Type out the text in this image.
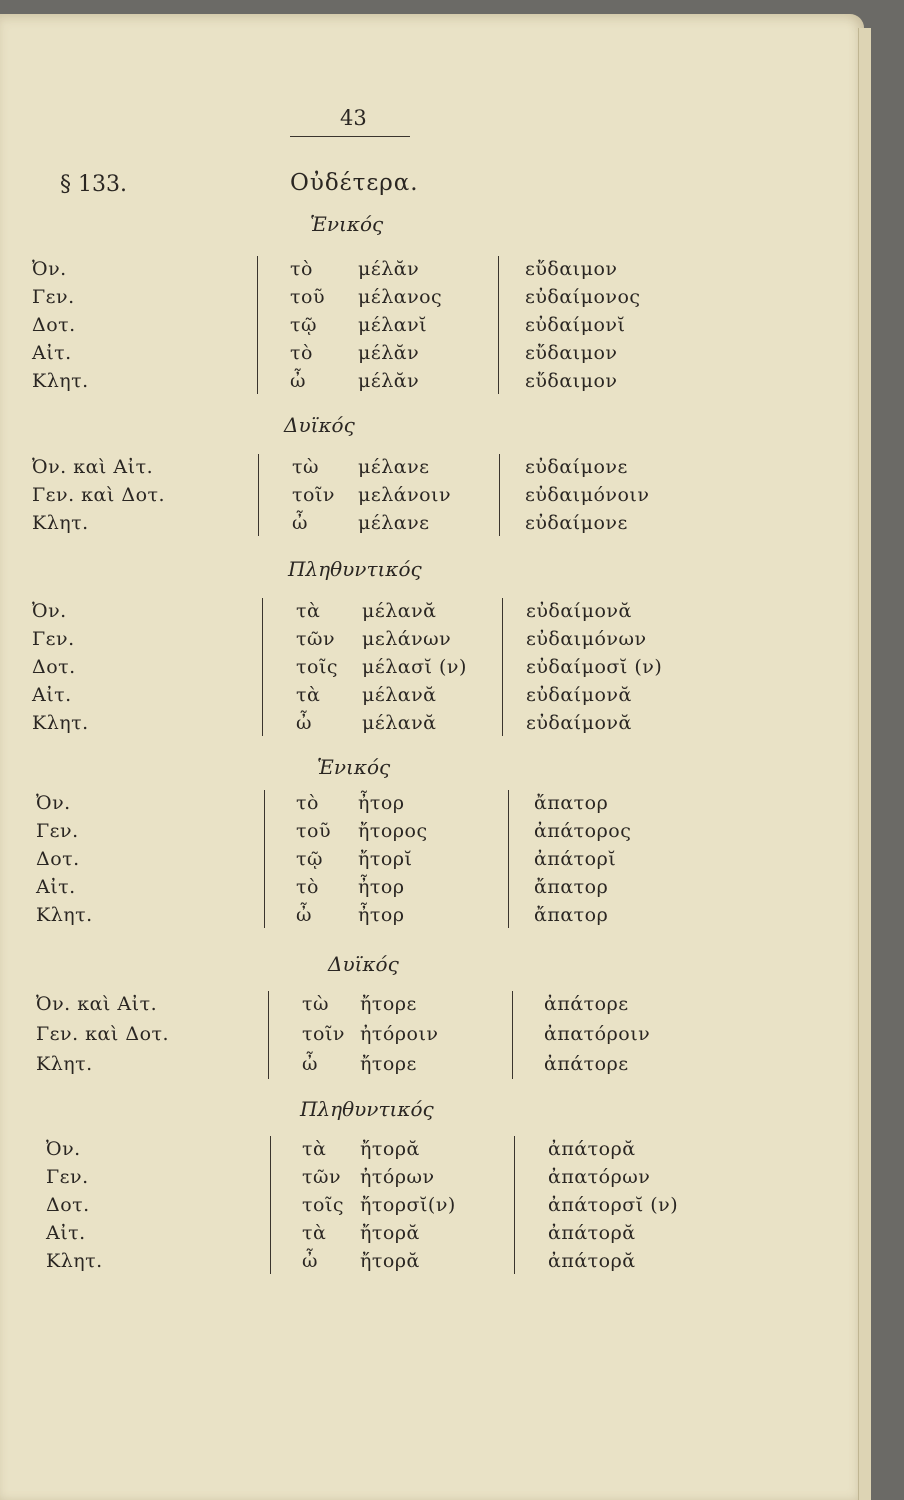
43
§ 133.	Οὐδέτερα.
Ἑνικός
Ὀν.	τὸ μέλᾰν	εὔδαιμον
Γεν.	τοῦ μέλανος	εὐδαίμονος
Δοτ.	τῷ μέλανῐ	εὐδαίμονῐ
Αἰτ.	τὸ μέλᾰν	εὔδαιμον
Κλητ.	ὦ	μέλᾰν	εὔδαιμον
Δυϊκός
Ὀν. καὶ Αἰτ.	τὼ μέλανε	εὐδαίμονε
Γεν. καὶ Δοτ.	τοῖν μελάνοιν	εὐδαιμόνοιν
Κλητ.	ὦ	μέλανε	εὐδαίμονε
Πληθυντικός
Ὀν.	τὰ μέλανᾰ	εὐδαίμονᾰ
Γεν.	τῶν μελάνων	εὐδαιμόνων
Δοτ.	τοῖς μέλασῐ (ν)	εὐδαίμοσῐ (ν)
Αἰτ.	τὰ μέλανᾰ	εὐδαίμονᾰ
Κλητ.	ὦ	μέλανᾰ	εὐδαίμονᾰ
Ἑνικός
Ὀν.	τὸ ἦτορ	ἄπατορ
Γεν.	τοῦ ἤτορος	ἀπάτορος
Δοτ.	τῷ ἤτορῐ	ἀπάτορῐ
Αἰτ.	τὸ ἦτορ	ἄπατορ
Κλητ.	ὦ ἦτορ	ἄπατορ
Δυϊκός
Ὀν. καὶ Αἰτ.	τὼ ἤτορε	ἀπάτορε
Γεν. καὶ Δοτ.	τοῖν ἠτόροιν	ἀπατόροιν
Κλητ.	ὦ ἤτορε	ἀπάτορε
Πληθυντικός
Ὀν.	τὰ ἤτορᾰ	ἀπάτορᾰ
Γεν.	τῶν ἠτόρων	ἀπατόρων
Δοτ.	τοῖς ἤτορσῐ(ν)	ἀπάτορσῐ (ν)
Αἰτ.	τὰ ἤτορᾰ	ἀπάτορᾰ
Κλητ.	ὦ ἤτορᾰ	ἀπάτορᾰ
